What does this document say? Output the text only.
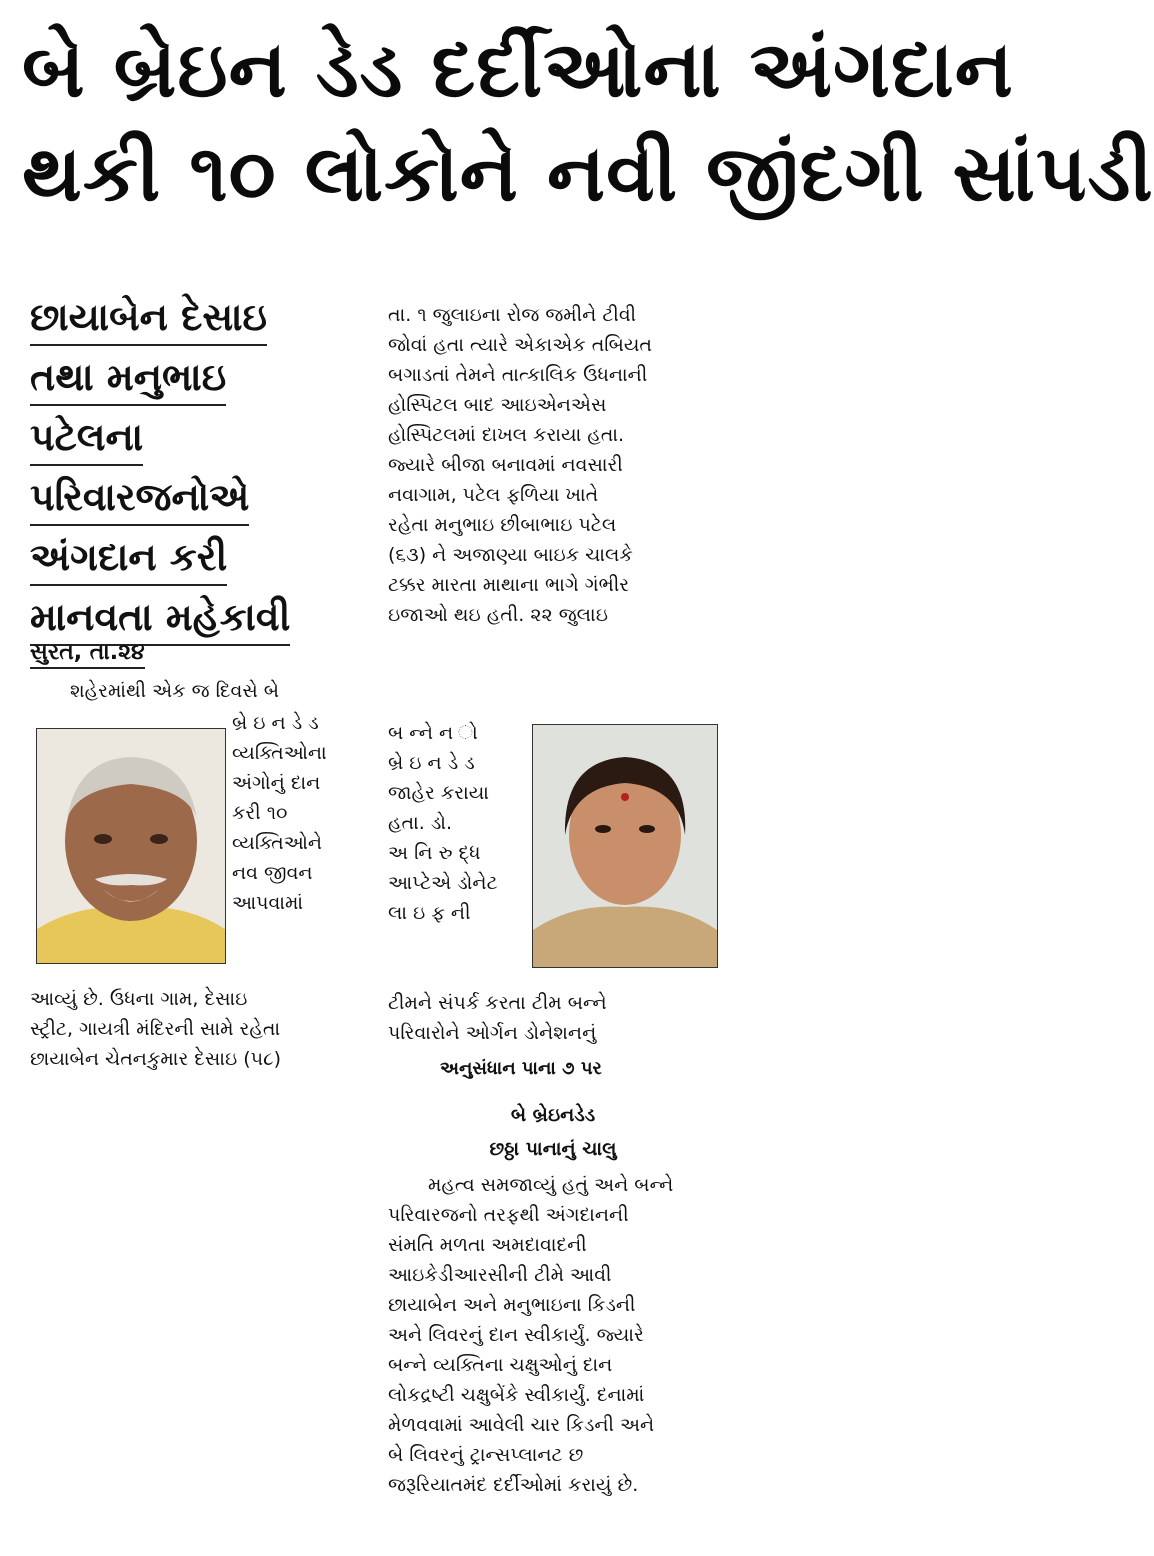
બે બ્રેઇન ડેડ દર્દીઓના અંગદાન
થકી ૧૦ લોકોને નવી જીંદગી સાંપડી
છાયાબેન દેસાઇ
તથા મનુભાઇ
પટેલના
પરિવારજનોએ
અંગદાન કરી
માનવતા મહેકાવી
સુરત, તા.૨૪
શહેરમાંથી એક જ દિવસે બે
બ્રે ઇ ન ડે ડ
વ્યક્તિઓના
અંગોનું દાન
કરી ૧૦
વ્યક્તિઓને
નવ જીવન
આપવામાં
આવ્યું છે. ઉધના ગામ, દેસાઇ
સ્ટ્રીટ, ગાયત્રી મંદિરની સામે રહેતા
છાયાબેન ચેતનકુમાર દેસાઇ (૫૮)
તા. ૧ જુલાઇના રોજ જમીને ટીવી
જોવાં હતા ત્યારે એકાએક તબિયત
બગાડતાં તેમને તાત્કાલિક ઉધનાની
હોસ્પિટલ બાદ આઇએનએસ
હોસ્પિટલમાં દાખલ કરાયા હતા.
જ્યારે બીજા બનાવમાં નવસારી
નવાગામ, પટેલ ફળિયા ખાતે
રહેતા મનુભાઇ છીબાભાઇ પટેલ
(૬૩) ને અજાણ્યા બાઇક ચાલકે
ટક્કર મારતા માથાના ભાગે ગંભીર
ઇજાઓ થઇ હતી. ૨૨ જુલાઇ
બ ન્ને ન ો
બ્રે ઇ ન ડે ડ
જાહેર કરાયા
હતા. ડો.
અ નિ રુ દ્ધ
આપ્ટેએ ડોનેટ
લા ઇ ફ ની
ટીમને સંપર્ક કરતા ટીમ બન્ને
પરિવારોને ઓર્ગન ડોનેશનનું
અનુસંધાન પાના ૭ પર
બે બ્રેઇનડેડ
છઠ્ઠા પાનાનું ચાલુ
મહત્વ સમજાવ્યું હતું અને બન્ને
પરિવારજનો તરફથી અંગદાનની
સંમતિ મળતા અમદાવાદની
આઇકેડીઆરસીની ટીમે આવી
છાયાબેન અને મનુભાઇના કિડની
અને લિવરનું દાન સ્વીકાર્યું. જ્યારે
બન્ને વ્યક્તિના ચક્ષુઓનું દાન
લોકદ્રષ્ટી ચક્ષુબેંકે સ્વીકાર્યું. દનામાં
મેળવવામાં આવેલી ચાર કિડની અને
બે લિવરનું ટ્રાન્સપ્લાનટ છ
જરૂરિયાતમંદ દર્દીઓમાં કરાયું છે.
